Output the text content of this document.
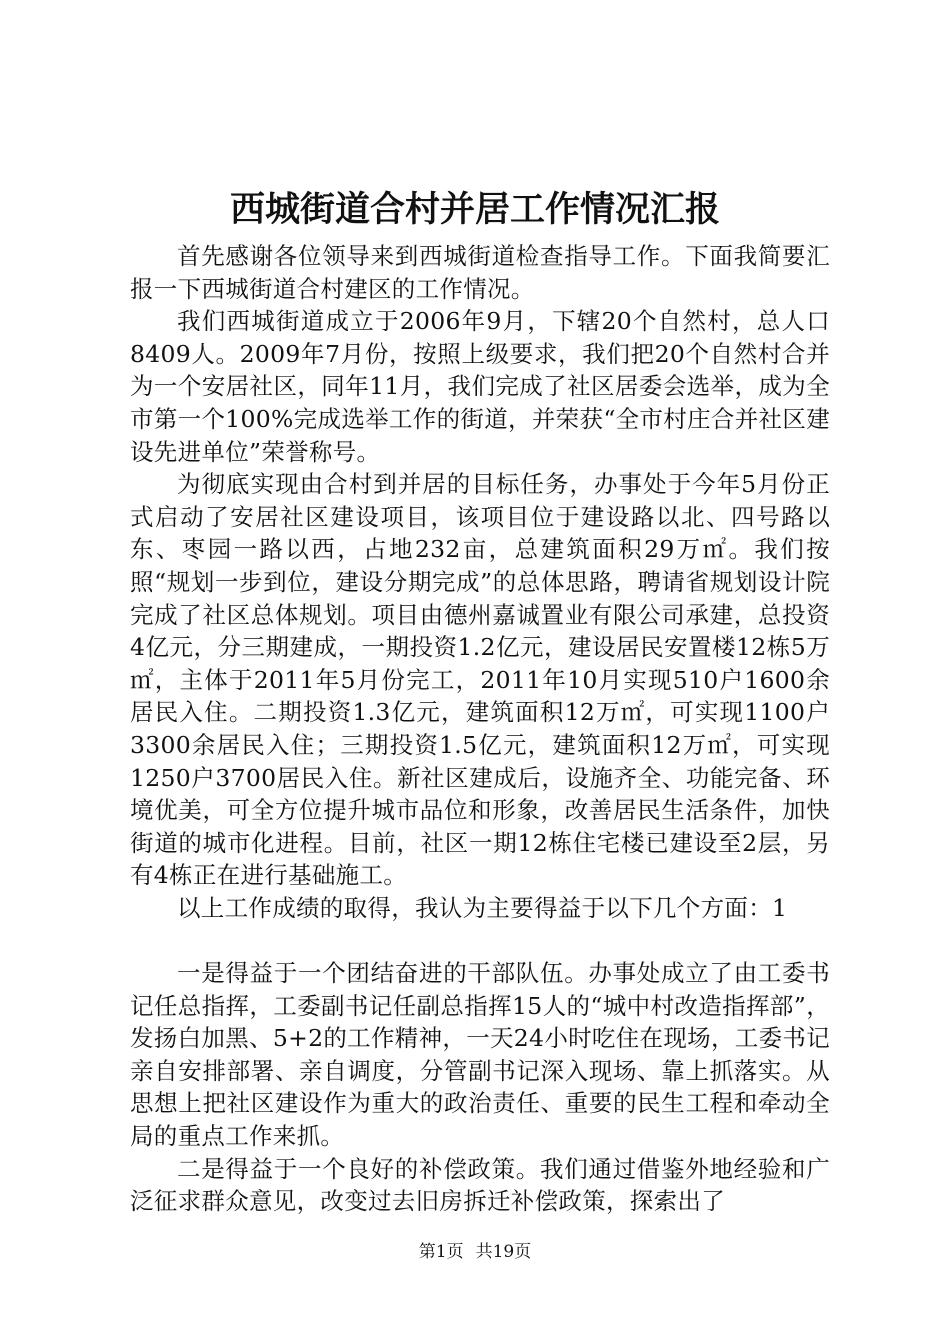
西城街道合村并居工作情况汇报

首先感谢各位领导来到西城街道检查指导工作。下面我简要汇报一下西城街道合村建区的工作情况。

我们西城街道成立于2006年9月，下辖20个自然村，总人口8409人。2009年7月份，按照上级要求，我们把20个自然村合并为一个安居社区，同年11月，我们完成了社区居委会选举，成为全市第一个100%完成选举工作的街道，并荣获“全市村庄合并社区建设先进单位”荣誉称号。

为彻底实现由合村到并居的目标任务，办事处于今年5月份正式启动了安居社区建设项目，该项目位于建设路以北、四号路以东、枣园一路以西，占地232亩，总建筑面积29万㎡。我们按照“规划一步到位，建设分期完成”的总体思路，聘请省规划设计院完成了社区总体规划。项目由德州嘉诚置业有限公司承建，总投资4亿元，分三期建成，一期投资1.2亿元，建设居民安置楼12栋5万㎡，主体于2011年5月份完工，2011年10月实现510户1600余居民入住。二期投资1.3亿元，建筑面积12万㎡，可实现1100户3300余居民入住；三期投资1.5亿元，建筑面积12万㎡，可实现1250户3700居民入住。新社区建成后，设施齐全、功能完备、环境优美，可全方位提升城市品位和形象，改善居民生活条件，加快街道的城市化进程。目前，社区一期12栋住宅楼已建设至2层，另有4栋正在进行基础施工。

以上工作成绩的取得，我认为主要得益于以下几个方面：1

一是得益于一个团结奋进的干部队伍。办事处成立了由工委书记任总指挥，工委副书记任副总指挥15人的“城中村改造指挥部”，发扬白加黑、5+2的工作精神，一天24小时吃住在现场，工委书记亲自安排部署、亲自调度，分管副书记深入现场、靠上抓落实。从思想上把社区建设作为重大的政治责任、重要的民生工程和牵动全局的重点工作来抓。

二是得益于一个良好的补偿政策。我们通过借鉴外地经验和广泛征求群众意见，改变过去旧房拆迁补偿政策，探索出了

第1页 共19页
